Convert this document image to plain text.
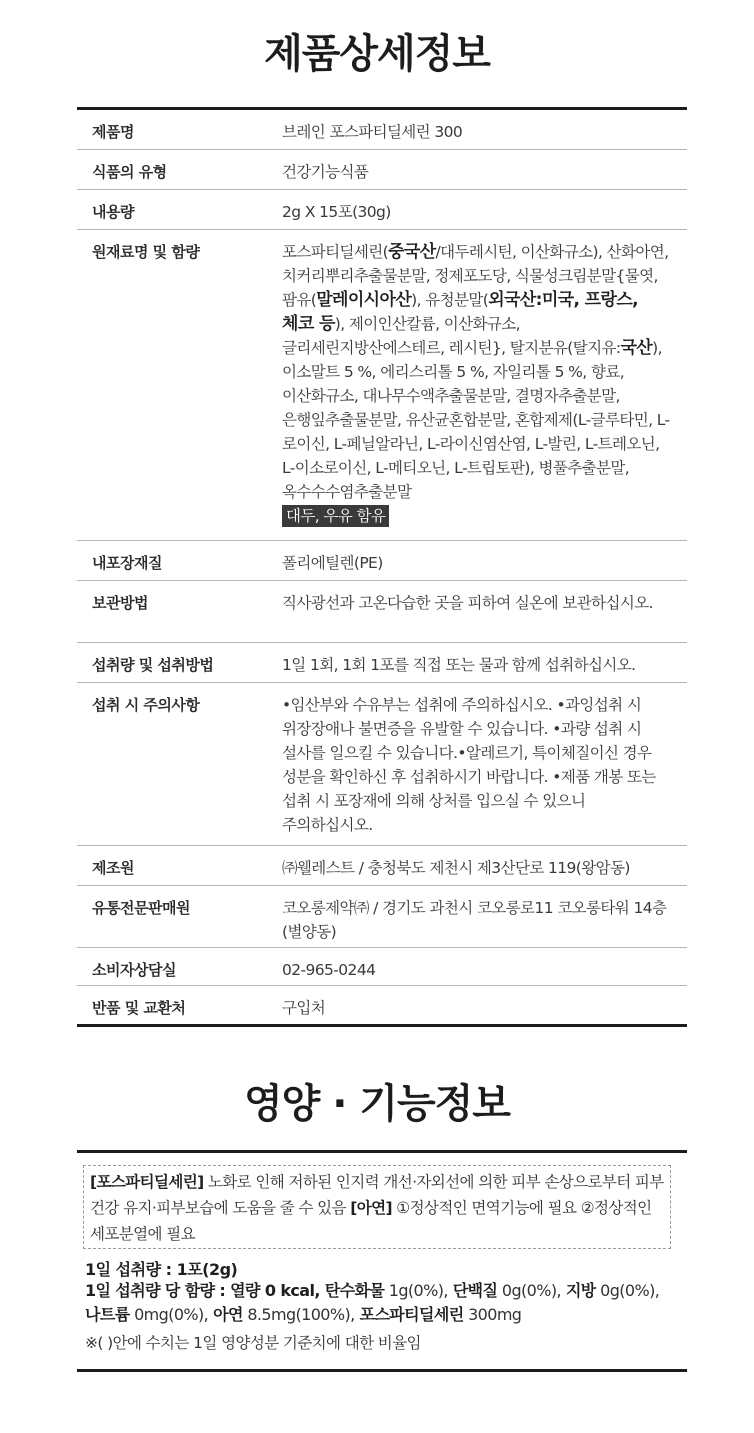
제품상세정보
제품명	브레인 포스파티딜세린 300
식품의 유형	건강기능식품
내용량	2g X 15포(30g)
원재료명 및 함량	포스파티딜세린(중국산/대두레시틴, 이산화규소), 산화아연, 치커리뿌리추출물분말, 정제포도당, 식물성크림분말{물엿, 팜유(말레이시아산), 유청분말(외국산:미국, 프랑스, 체코 등), 제이인산칼륨, 이산화규소, 글리세린지방산에스테르, 레시틴}, 탈지분유(탈지유:국산), 이소말트 5 %, 에리스리톨 5 %, 자일리톨 5 %, 향료, 이산화규소, 대나무수액추출물분말, 결명자추출분말, 은행잎추출물분말, 유산균혼합분말, 혼합제제(L-글루타민, L-로이신, L-페닐알라닌, L-라이신염산염, L-발린, L-트레오닌, L-이소로이신, L-메티오닌, L-트립토판), 병풀추출분말, 옥수수수염추출분말
대두, 우유 함유
내포장재질	폴리에틸렌(PE)
보관방법	직사광선과 고온다습한 곳을 피하여 실온에 보관하십시오.
섭취량 및 섭취방법	1일 1회, 1회 1포를 직접 또는 물과 함께 섭취하십시오.
섭취 시 주의사항	•임산부와 수유부는 섭취에 주의하십시오. •과잉섭취 시 위장장애나 불면증을 유발할 수 있습니다. •과량 섭취 시 설사를 일으킬 수 있습니다.•알레르기, 특이체질이신 경우 성분을 확인하신 후 섭취하시기 바랍니다. •제품 개봉 또는 섭취 시 포장재에 의해 상처를 입으실 수 있으니 주의하십시오.
제조원	㈜웰레스트 / 충청북도 제천시 제3산단로 119(왕암동)
유통전문판매원	코오롱제약㈜ / 경기도 과천시 코오롱로11 코오롱타워 14층(별양동)
소비자상담실	02-965-0244
반품 및 교환처	구입처
영양 · 기능정보
[포스파티딜세린] 노화로 인해 저하된 인지력 개선·자외선에 의한 피부 손상으로부터 피부 건강 유지·피부보습에 도움을 줄 수 있음 [아연] ①정상적인 면역기능에 필요 ②정상적인 세포분열에 필요
1일 섭취량 : 1포(2g)
1일 섭취량 당 함량 : 열량 0 kcal, 탄수화물 1g(0%), 단백질 0g(0%), 지방 0g(0%), 나트륨 0mg(0%), 아연 8.5mg(100%), 포스파티딜세린 300mg
※( )안에 수치는 1일 영양성분 기준치에 대한 비율임
